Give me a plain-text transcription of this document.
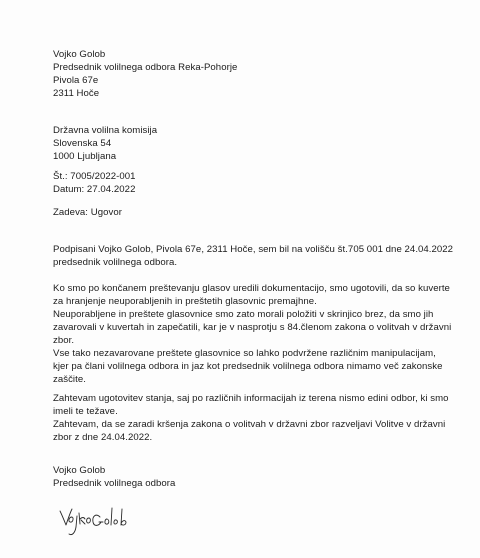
Vojko Golob
Predsednik volilnega odbora Reka-Pohorje
Pivola 67e
2311 Hoče
Državna volilna komisija
Slovenska 54
1000 Ljubljana
Št.: 7005/2022-001
Datum: 27.04.2022
Zadeva: Ugovor
Podpisani Vojko Golob, Pivola 67e, 2311 Hoče, sem bil na volišču št.705 001 dne 24.04.2022
predsednik volilnega odbora.
Ko smo po končanem preštevanju glasov uredili dokumentacijo, smo ugotovili, da so kuverte
za hranjenje neuporabljenih in preštetih glasovnic premajhne.
Neuporabljene in preštete glasovnice smo zato morali položiti v skrinjico brez, da smo jih
zavarovali v kuvertah in zapečatili, kar je v nasprotju s 84.členom zakona o volitvah v državni
zbor.
Vse tako nezavarovane preštete glasovnice so lahko podvržene različnim manipulacijam,
kjer pa člani volilnega odbora in jaz kot predsednik volilnega odbora nimamo več zakonske
zaščite.
Zahtevam ugotovitev stanja, saj po različnih informacijah iz terena nismo edini odbor, ki smo
imeli te težave.
Zahtevam, da se zaradi kršenja zakona o volitvah v državni zbor razveljavi Volitve v državni
zbor z dne 24.04.2022.
Vojko Golob
Predsednik volilnega odbora
